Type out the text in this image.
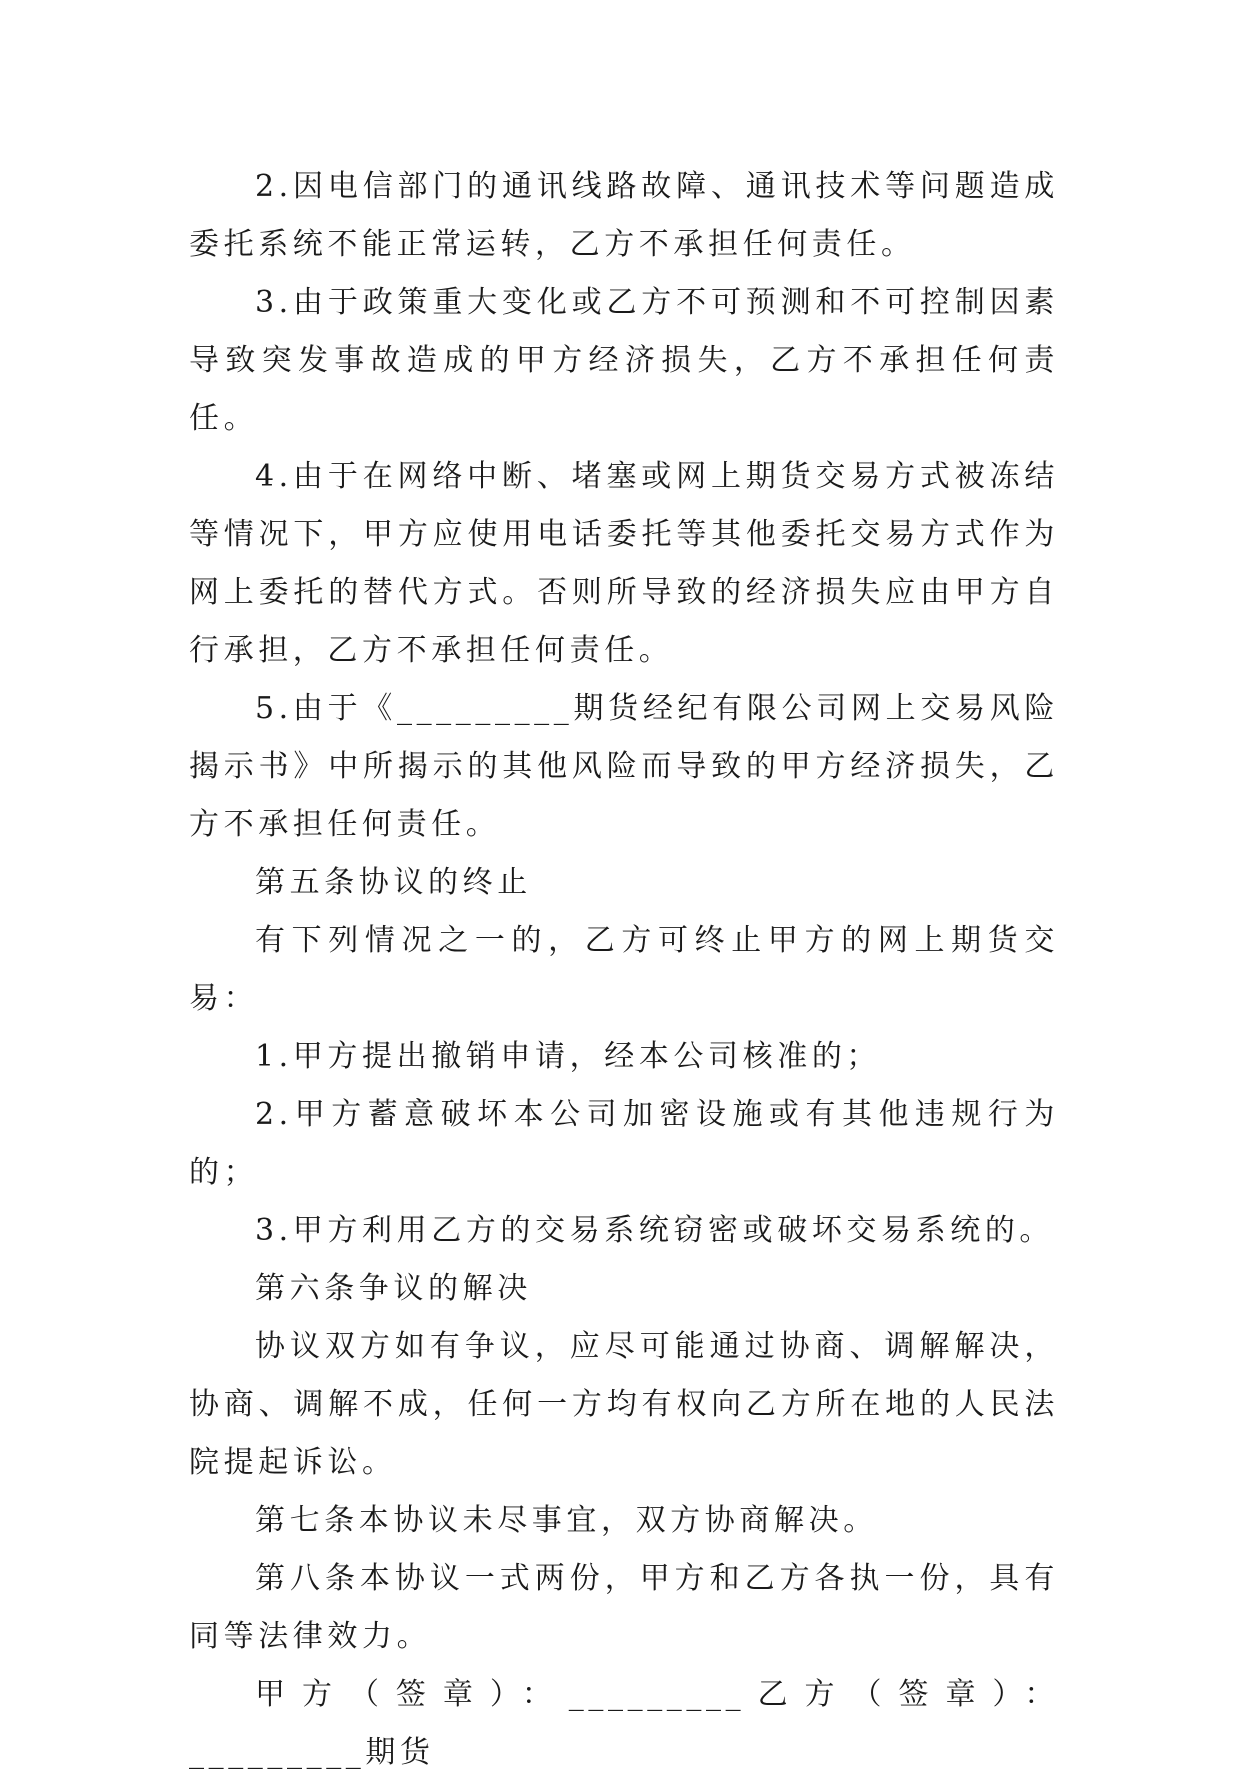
2.因电信部门的通讯线路故障、通讯技术等问题造成委托系统不能正常运转，乙方不承担任何责任。

3.由于政策重大变化或乙方不可预测和不可控制因素导致突发事故造成的甲方经济损失，乙方不承担任何责任。

4.由于在网络中断、堵塞或网上期货交易方式被冻结等情况下，甲方应使用电话委托等其他委托交易方式作为网上委托的替代方式。否则所导致的经济损失应由甲方自行承担，乙方不承担任何责任。

5.由于《_________期货经纪有限公司网上交易风险揭示书》中所揭示的其他风险而导致的甲方经济损失，乙方不承担任何责任。

第五条协议的终止

有下列情况之一的，乙方可终止甲方的网上期货交易：

1.甲方提出撤销申请，经本公司核准的；

2.甲方蓄意破坏本公司加密设施或有其他违规行为的；

3.甲方利用乙方的交易系统窃密或破坏交易系统的。

第六条争议的解决

协议双方如有争议，应尽可能通过协商、调解解决，协商、调解不成，任何一方均有权向乙方所在地的人民法院提起诉讼。

第七条本协议未尽事宜，双方协商解决。

第八条本协议一式两份，甲方和乙方各执一份，具有同等法律效力。

甲方（签章）：_________乙方（签章）：_________期货
